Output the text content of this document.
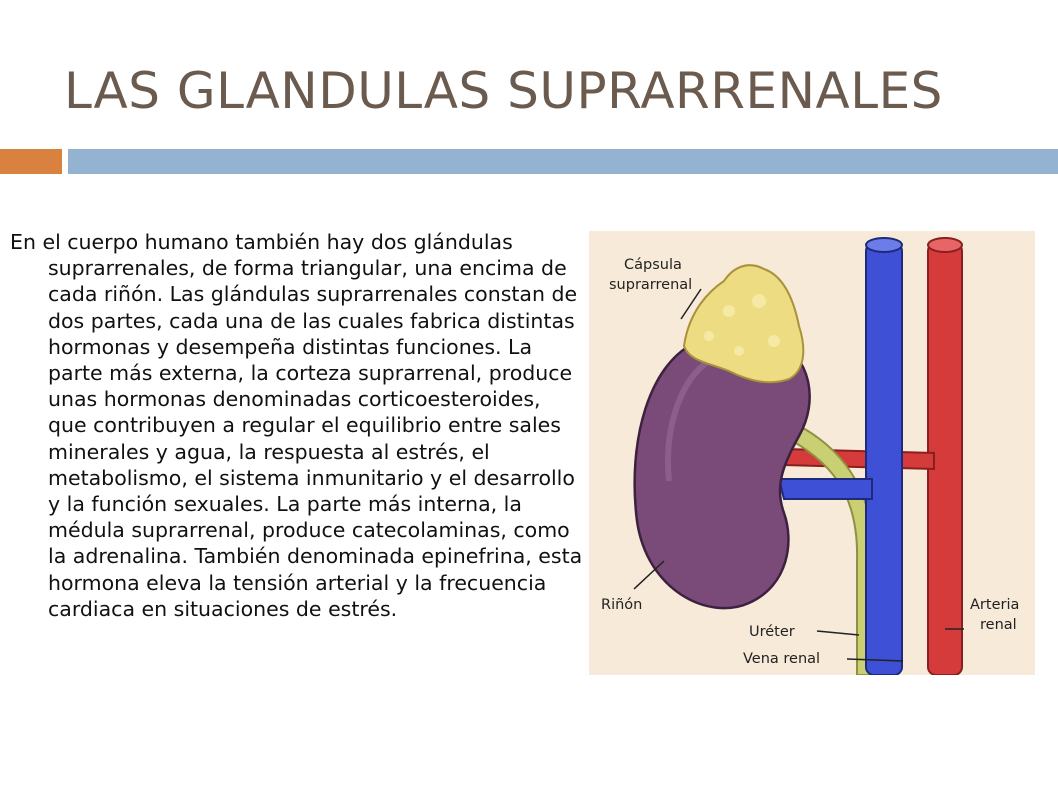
LAS GLANDULAS SUPRARRENALES

En el cuerpo humano también hay dos glándulas suprarrenales, de forma triangular, una encima de cada riñón. Las glándulas suprarrenales constan de dos partes, cada una de las cuales fabrica distintas hormonas y desempeña distintas funciones. La parte más externa, la corteza suprarrenal, produce unas hormonas denominadas corticoesteroides, que contribuyen a regular el equilibrio entre sales minerales y agua, la respuesta al estrés, el metabolismo, el sistema inmunitario y el desarrollo y la función sexuales. La parte más interna, la médula suprarrenal, produce catecolaminas, como la adrenalina. También denominada epinefrina, esta hormona eleva la tensión arterial y la frecuencia cardiaca en situaciones de estrés.

Cápsula
suprarrenal
Riñón
Uréter
Vena renal
Arteria
renal
